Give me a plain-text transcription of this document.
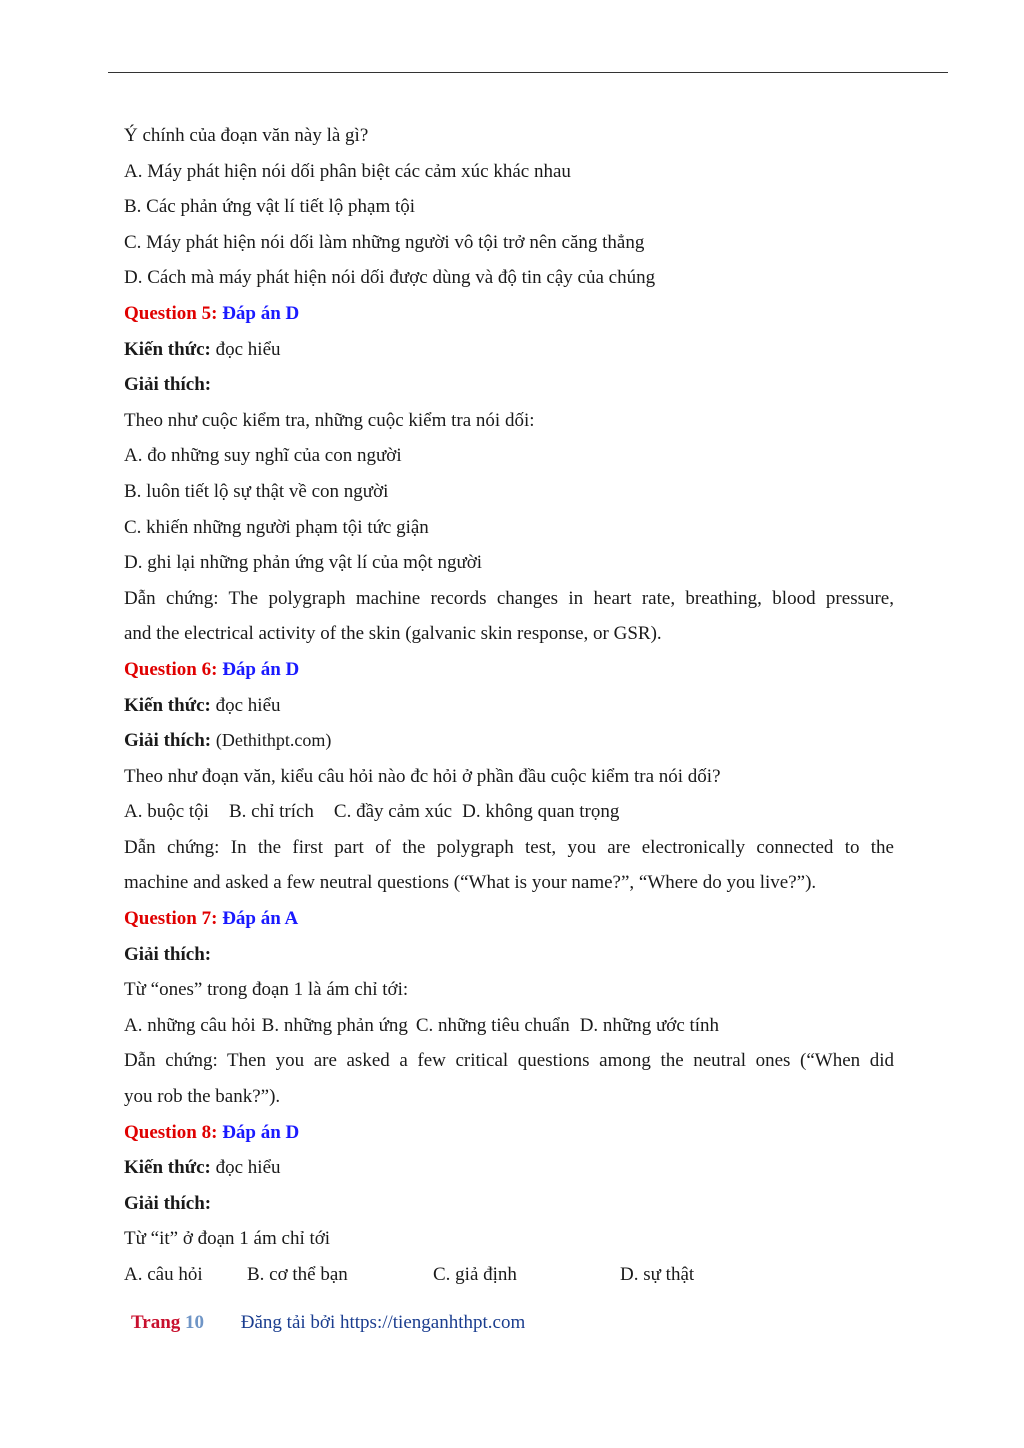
Ý chính của đoạn văn này là gì?
A. Máy phát hiện nói dối phân biệt các cảm xúc khác nhau
B. Các phản ứng vật lí tiết lộ phạm tội
C. Máy phát hiện nói dối làm những người vô tội trở nên căng thẳng
D. Cách mà máy phát hiện nói dối được dùng và độ tin cậy của chúng
Question 5: Đáp án D
Kiến thức: đọc hiểu
Giải thích:
Theo như cuộc kiểm tra, những cuộc kiểm tra nói dối:
A. đo những suy nghĩ của con người
B. luôn tiết lộ sự thật về con người
C. khiến những người phạm tội tức giận
D. ghi lại những phản ứng vật lí của một người
Dẫn chứng: The polygraph machine records changes in heart rate, breathing, blood pressure,
and the electrical activity of the skin (galvanic skin response, or GSR).
Question 6: Đáp án D
Kiến thức: đọc hiểu
Giải thích: (Dethithpt.com)
Theo như đoạn văn, kiểu câu hỏi nào đc hỏi ở phần đầu cuộc kiểm tra nói dối?
A. buộc tội B. chỉ trích C. đầy cảm xúc D. không quan trọng
Dẫn chứng: In the first part of the polygraph test, you are electronically connected to the
machine and asked a few neutral questions (“What is your name?”, “Where do you live?”).
Question 7: Đáp án A
Giải thích:
Từ “ones” trong đoạn 1 là ám chỉ tới:
A. những câu hỏi B. những phản ứng C. những tiêu chuẩn D. những ước tính
Dẫn chứng: Then you are asked a few critical questions among the neutral ones (“When did
you rob the bank?”).
Question 8: Đáp án D
Kiến thức: đọc hiểu
Giải thích:
Từ “it” ở đoạn 1 ám chỉ tới
A. câu hỏi B. cơ thể bạn	C. giả định	D. sự thật
Trang 10 Đăng tải bởi https://tienganhthpt.com
